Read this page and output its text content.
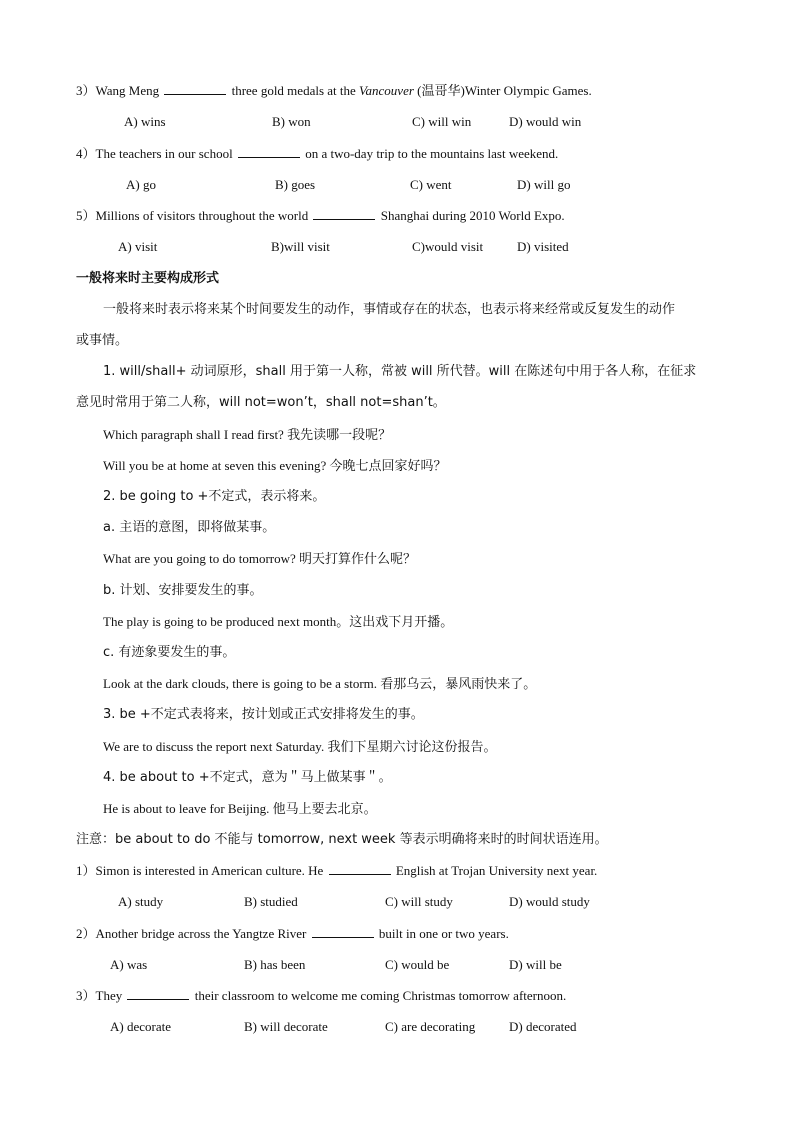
3）Wang Meng	three gold medals at the Vancouver (温哥华)Winter Olympic Games.
A) wins	B) won	C) will win	D) would win
4）The teachers in our school	on a two-day trip to the mountains last weekend.
A) go	B) goes	C) went	D) will go
5）Millions of visitors throughout the world	Shanghai during 2010 World Expo.
A) visit	B)will visit	C)would visit	D) visited
一般将来时主要构成形式
一般将来时表示将来某个时间要发生的动作，事情或存在的状态，也表示将来经常或反复发生的动作
或事情。
1. will/shall+ 动词原形，shall 用于第一人称，常被 will 所代替。will 在陈述句中用于各人称，在征求
意见时常用于第二人称，will not=won’t，shall not=shan’t。
Which paragraph shall I read first? 我先读哪一段呢？
Will you be at home at seven this evening? 今晚七点回家好吗？
2. be going to +不定式，表示将来。
a. 主语的意图，即将做某事。
What are you going to do tomorrow? 明天打算作什么呢？
b. 计划、安排要发生的事。
The play is going to be produced next month。这出戏下月开播。
c. 有迹象要发生的事。
Look at the dark clouds, there is going to be a storm. 看那乌云，暴风雨快来了。
3. be +不定式表将来，按计划或正式安排将发生的事。
We are to discuss the report next Saturday. 我们下星期六讨论这份报告。
4. be about to +不定式，意为＂马上做某事＂。
He is about to leave for Beijing. 他马上要去北京。
注意：be about to do 不能与 tomorrow, next week 等表示明确将来时的时间状语连用。
1）Simon is interested in American culture. He	English at Trojan University next year.
A) study	B) studied	C) will study	D) would study
2）Another bridge across the Yangtze River	built in one or two years.
A) was	B) has been	C) would be	D) will be
3）They	their classroom to welcome me coming Christmas tomorrow afternoon.
A) decorate	B) will decorate	C) are decorating	D) decorated
